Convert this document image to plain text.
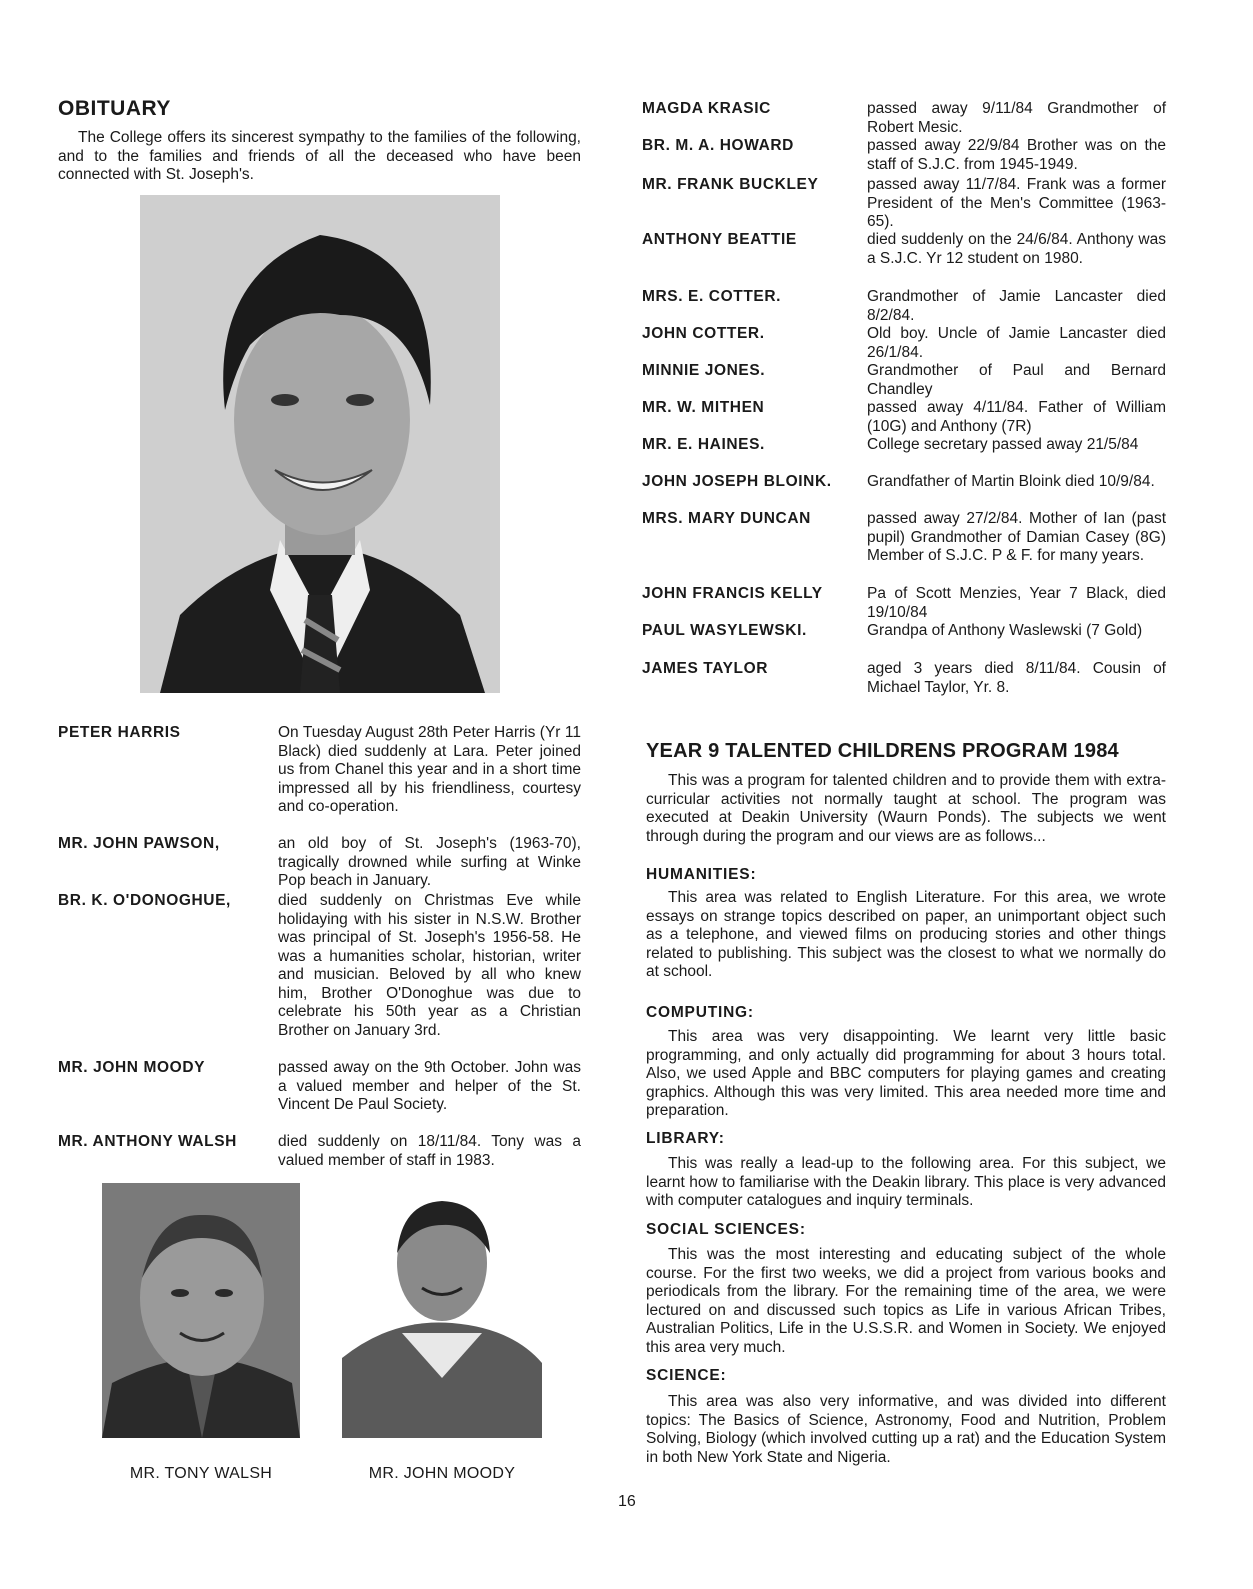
OBITUARY
The College offers its sincerest sympathy to the families of the following, and to the families and friends of all the deceased who have been connected with St. Joseph's.
PETER HARRIS	On Tuesday August 28th Peter Harris (Yr 11 Black) died suddenly at Lara. Peter joined us from Chanel this year and in a short time impressed all by his friendliness, courtesy and co-operation.
MR. JOHN PAWSON,	an old boy of St. Joseph's (1963-70), tragically drowned while surfing at Winke Pop beach in January.
BR. K. O'DONOGHUE,	died suddenly on Christmas Eve while holidaying with his sister in N.S.W. Brother was principal of St. Joseph's 1956-58. He was a humanities scholar, historian, writer and musician. Beloved by all who knew him, Brother O'Donoghue was due to celebrate his 50th year as a Christian Brother on January 3rd.
MR. JOHN MOODY	passed away on the 9th October. John was a valued member and helper of the St. Vincent De Paul Society.
MR. ANTHONY WALSH	died suddenly on 18/11/84. Tony was a valued member of staff in 1983.
MR. TONY WALSH	MR. JOHN MOODY
MAGDA KRASIC	passed away 9/11/84 Grandmother of Robert Mesic.
BR. M. A. HOWARD	passed away 22/9/84 Brother was on the staff of S.J.C. from 1945-1949.
MR. FRANK BUCKLEY	passed away 11/7/84. Frank was a former President of the Men's Committee (1963-65).
ANTHONY BEATTIE	died suddenly on the 24/6/84. Anthony was a S.J.C. Yr 12 student on 1980.
MRS. E. COTTER.	Grandmother of Jamie Lancaster died 8/2/84.
JOHN COTTER.	Old boy. Uncle of Jamie Lancaster died 26/1/84.
MINNIE JONES.	Grandmother of Paul and Bernard Chandley
MR. W. MITHEN	passed away 4/11/84. Father of William (10G) and Anthony (7R)
MR. E. HAINES.	College secretary passed away 21/5/84
JOHN JOSEPH BLOINK.	Grandfather of Martin Bloink died 10/9/84.
MRS. MARY DUNCAN	passed away 27/2/84. Mother of Ian (past pupil) Grandmother of Damian Casey (8G) Member of S.J.C. P & F. for many years.
JOHN FRANCIS KELLY	Pa of Scott Menzies, Year 7 Black, died 19/10/84
PAUL WASYLEWSKI.	Grandpa of Anthony Waslewski (7 Gold)
JAMES TAYLOR	aged 3 years died 8/11/84. Cousin of Michael Taylor, Yr. 8.
YEAR 9 TALENTED CHILDRENS PROGRAM 1984
This was a program for talented children and to provide them with extra-curricular activities not normally taught at school. The program was executed at Deakin University (Waurn Ponds). The subjects we went through during the program and our views are as follows...
HUMANITIES:
This area was related to English Literature. For this area, we wrote essays on strange topics described on paper, an unimportant object such as a telephone, and viewed films on producing stories and other things related to publishing. This subject was the closest to what we normally do at school.
COMPUTING:
This area was very disappointing. We learnt very little basic programming, and only actually did programming for about 3 hours total. Also, we used Apple and BBC computers for playing games and creating graphics. Although this was very limited. This area needed more time and preparation.
LIBRARY:
This was really a lead-up to the following area. For this subject, we learnt how to familiarise with the Deakin library. This place is very advanced with computer catalogues and inquiry terminals.
SOCIAL SCIENCES:
This was the most interesting and educating subject of the whole course. For the first two weeks, we did a project from various books and periodicals from the library. For the remaining time of the area, we were lectured on and discussed such topics as Life in various African Tribes, Australian Politics, Life in the U.S.S.R. and Women in Society. We enjoyed this area very much.
SCIENCE:
This area was also very informative, and was divided into different topics: The Basics of Science, Astronomy, Food and Nutrition, Problem Solving, Biology (which involved cutting up a rat) and the Education System in both New York State and Nigeria.
16
